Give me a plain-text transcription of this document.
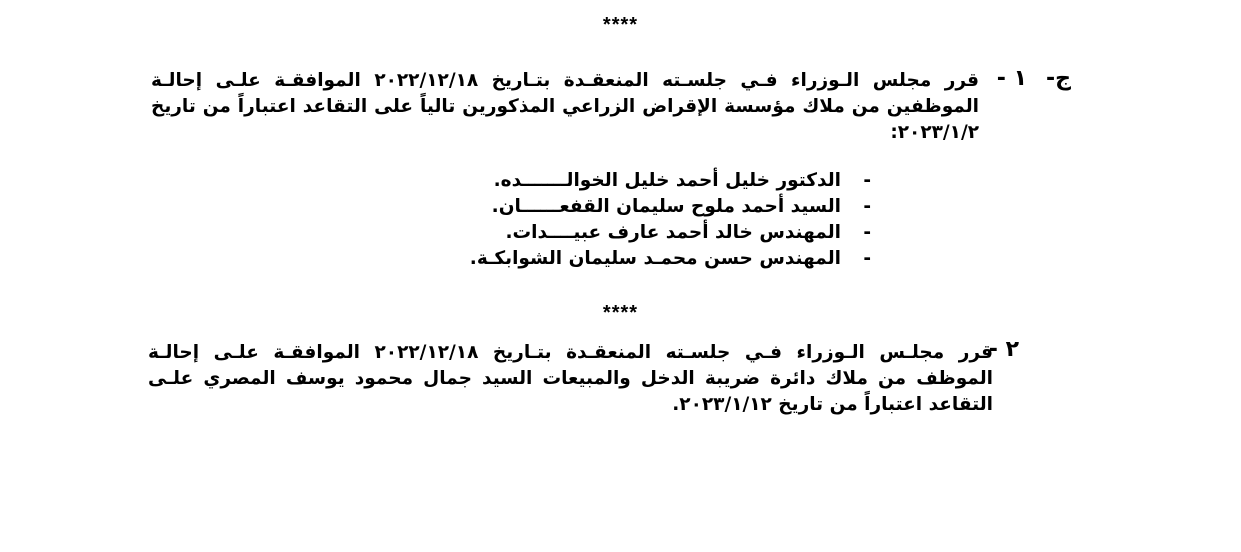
****
ج-
١ -
قرر مجلس الـوزراء فـي جلسـته المنعقـدة بتـاريخ ٢٠٢٢/١٢/١٨ الموافقـة علـى إحالـة الموظفين من ملاك مؤسسة الإقراض الزراعي المذكورين تالياً على التقاعد اعتباراً من تاريخ ٢٠٢٣/١/٢:
-
الدكتور خليل أحمد خليل الخوالـــــــده.
-
السيد أحمد ملوح سليمان القفعــــــان.
-
المهندس خالد أحمد عارف عبيــــدات.
-
المهندس حسن محمـد سليمان الشوابكـة.
****
٢ -
قرر مجلـس الـوزراء فـي جلسـته المنعقـدة بتـاريخ ٢٠٢٢/١٢/١٨ الموافقـة علـى إحالـة الموظف من ملاك دائرة ضريبة الدخل والمبيعات السيد جمال محمود يوسف المصري علـى التقاعد اعتباراً من تاريخ ٢٠٢٣/١/١٢.
